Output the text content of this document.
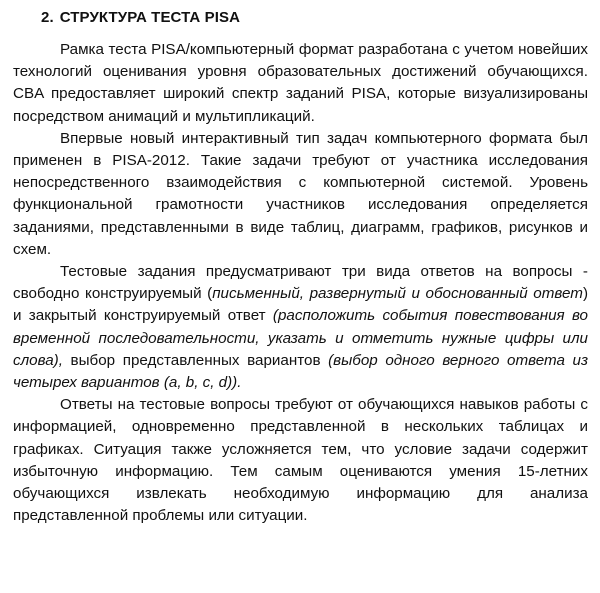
2. СТРУКТУРА ТЕСТА PISA

Рамка теста PISA/компьютерный формат разработана с учетом новейших технологий оценивания уровня образовательных достижений обучающихся. CBA предоставляет широкий спектр заданий PISA, которые визуализированы посредством анимаций и мультипликаций.

Впервые новый интерактивный тип задач компьютерного формата был применен в PISA-2012. Такие задачи требуют от участника исследования непосредственного взаимодействия с компьютерной системой. Уровень функциональной грамотности участников исследования определяется заданиями, представленными в виде таблиц, диаграмм, графиков, рисунков и схем.

Тестовые задания предусматривают три вида ответов на вопросы - свободно конструируемый (письменный, развернутый и обоснованный ответ) и закрытый конструируемый ответ (расположить события повествования во временной последовательности, указать и отметить нужные цифры или слова), выбор представленных вариантов (выбор одного верного ответа из четырех вариантов (a, b, c, d)).

Ответы на тестовые вопросы требуют от обучающихся навыков работы с информацией, одновременно представленной в нескольких таблицах и графиках. Ситуация также усложняется тем, что условие задачи содержит избыточную информацию. Тем самым оцениваются умения 15-летних обучающихся извлекать необходимую информацию для анализа представленной проблемы или ситуации.
